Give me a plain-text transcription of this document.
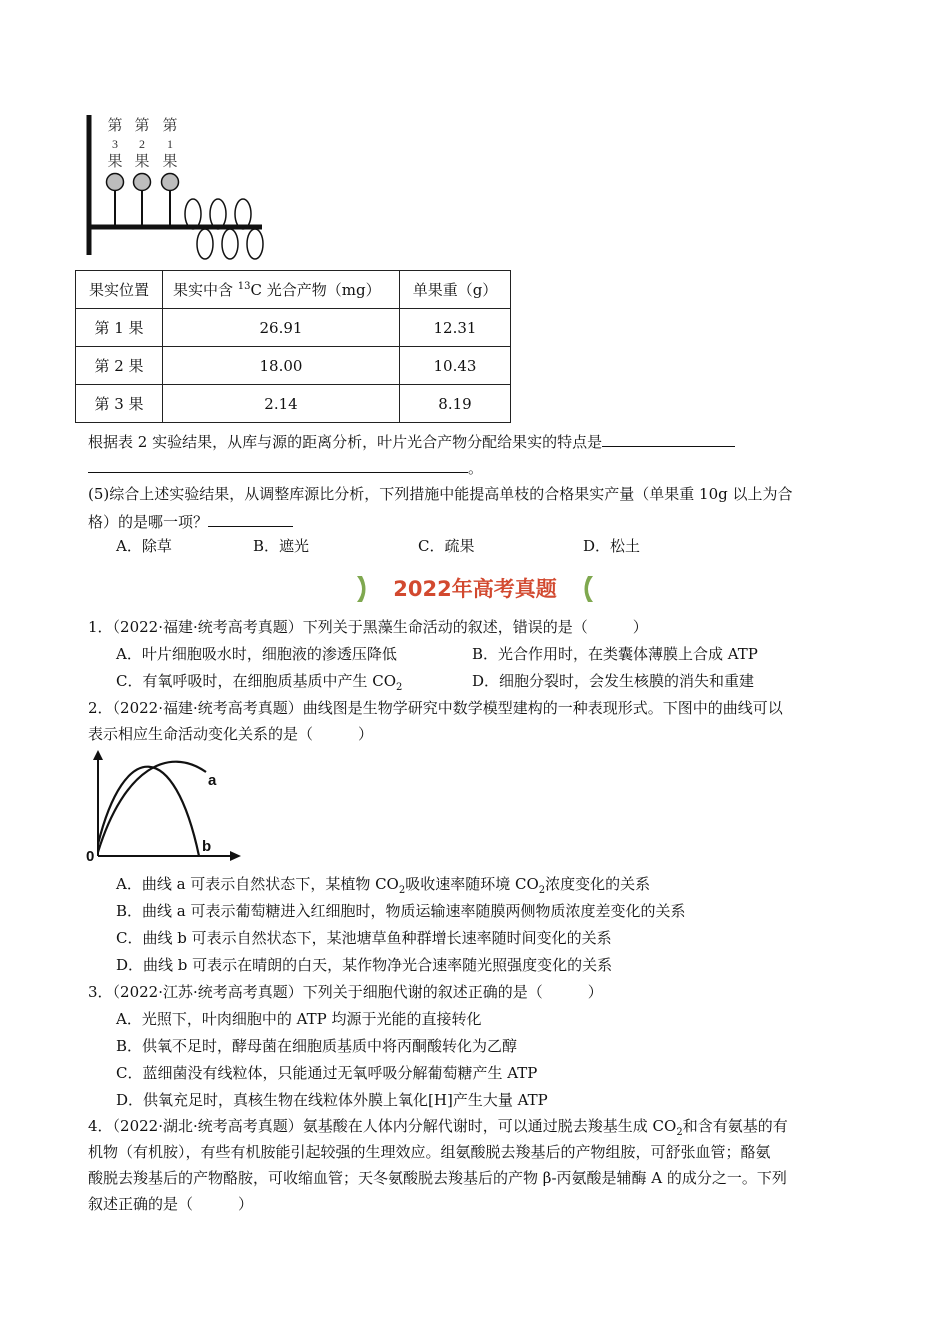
第
3
果
第
2
果
第
1
果
果实位置	果实中含 $^{13}$C 光合产物（mg）	单果重（g）
第 1 果	26.91	12.31
第 2 果	18.00	10.43
第 3 果	2.14	8.19
根据表 2 实验结果，从库与源的距离分析，叶片光合产物分配给果实的特点是
。
(5)综合上述实验结果，从调整库源比分析，下列措施中能提高单枝的合格果实产量（单果重 10g 以上为合
格）的是哪一项？
A．除草	B．遮光	C．疏果	D．松土
2022年高考真题
1．（2022·福建·统考高考真题）下列关于黑藻生命活动的叙述，错误的是（　　　）
A．叶片细胞吸水时，细胞液的渗透压降低	B．光合作用时，在类囊体薄膜上合成 ATP
C．有氧呼吸时，在细胞质基质中产生 $CO_2$	D．细胞分裂时，会发生核膜的消失和重建
2．（2022·福建·统考高考真题）曲线图是生物学研究中数学模型建构的一种表现形式。下图中的曲线可以
表示相应生命活动变化关系的是（　　　）
0
a
b
A．曲线 a 可表示自然状态下，某植物 $CO_2$吸收速率随环境 $CO_2$浓度变化的关系
B．曲线 a 可表示葡萄糖进入红细胞时，物质运输速率随膜两侧物质浓度差变化的关系
C．曲线 b 可表示自然状态下，某池塘草鱼种群增长速率随时间变化的关系
D．曲线 b 可表示在晴朗的白天，某作物净光合速率随光照强度变化的关系
3．（2022·江苏·统考高考真题）下列关于细胞代谢的叙述正确的是（　　　）
A．光照下，叶肉细胞中的 ATP 均源于光能的直接转化
B．供氧不足时，酵母菌在细胞质基质中将丙酮酸转化为乙醇
C．蓝细菌没有线粒体，只能通过无氧呼吸分解葡萄糖产生 ATP
D．供氧充足时，真核生物在线粒体外膜上氧化[H]产生大量 ATP
4．（2022·湖北·统考高考真题）氨基酸在人体内分解代谢时，可以通过脱去羧基生成 $CO_2$和含有氨基的有
机物（有机胺），有些有机胺能引起较强的生理效应。组氨酸脱去羧基后的产物组胺，可舒张血管；酪氨
酸脱去羧基后的产物酪胺，可收缩血管；天冬氨酸脱去羧基后的产物 β-丙氨酸是辅酶 A 的成分之一。下列
叙述正确的是（　　　）
